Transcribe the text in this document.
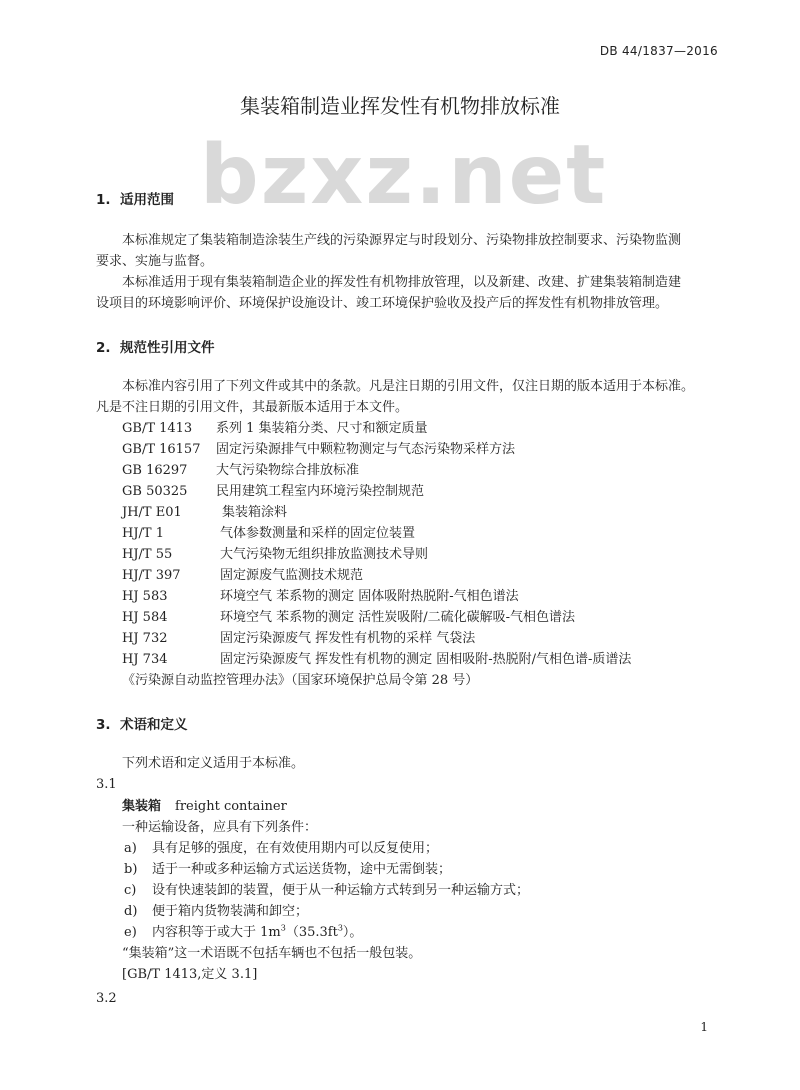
DB 44/1837—2016
集装箱制造业挥发性有机物排放标准
bzxz.net
1. 适用范围
本标准规定了集装箱制造涂装生产线的污染源界定与时段划分、污染物排放控制要求、污染物监测
要求、实施与监督。
本标准适用于现有集装箱制造企业的挥发性有机物排放管理，以及新建、改建、扩建集装箱制造建
设项目的环境影响评价、环境保护设施设计、竣工环境保护验收及投产后的挥发性有机物排放管理。
2. 规范性引用文件
本标准内容引用了下列文件或其中的条款。凡是注日期的引用文件，仅注日期的版本适用于本标准。
凡是不注日期的引用文件，其最新版本适用于本文件。
GB/T 1413 系列 1 集装箱分类、尺寸和额定质量
GB/T 16157 固定污染源排气中颗粒物测定与气态污染物采样方法
GB 16297 大气污染物综合排放标准
GB 50325 民用建筑工程室内环境污染控制规范
JH/T E01	集装箱涂料
HJ/T 1	气体参数测量和采样的固定位装置
HJ/T 55	大气污染物无组织排放监测技术导则
HJ/T 397	固定源废气监测技术规范
HJ 583	环境空气 苯系物的测定 固体吸附热脱附-气相色谱法
HJ 584	环境空气 苯系物的测定 活性炭吸附/二硫化碳解吸-气相色谱法
HJ 732	固定污染源废气 挥发性有机物的采样 气袋法
HJ 734	固定污染源废气 挥发性有机物的测定 固相吸附-热脱附/气相色谱-质谱法
《污染源自动监控管理办法》（国家环境保护总局令第 28 号）
3. 术语和定义
下列术语和定义适用于本标准。
3.1
集装箱 freight container
一种运输设备，应具有下列条件：
a) 具有足够的强度，在有效使用期内可以反复使用；
b) 适于一种或多种运输方式运送货物，途中无需倒装；
c) 设有快速装卸的装置，便于从一种运输方式转到另一种运输方式；
d) 便于箱内货物装满和卸空；
e) 内容积等于或大于 $1m^3(35.3ft^3)$。
“集装箱”这一术语既不包括车辆也不包括一般包装。
[GB/T 1413,定义 3.1]
3.2
1
